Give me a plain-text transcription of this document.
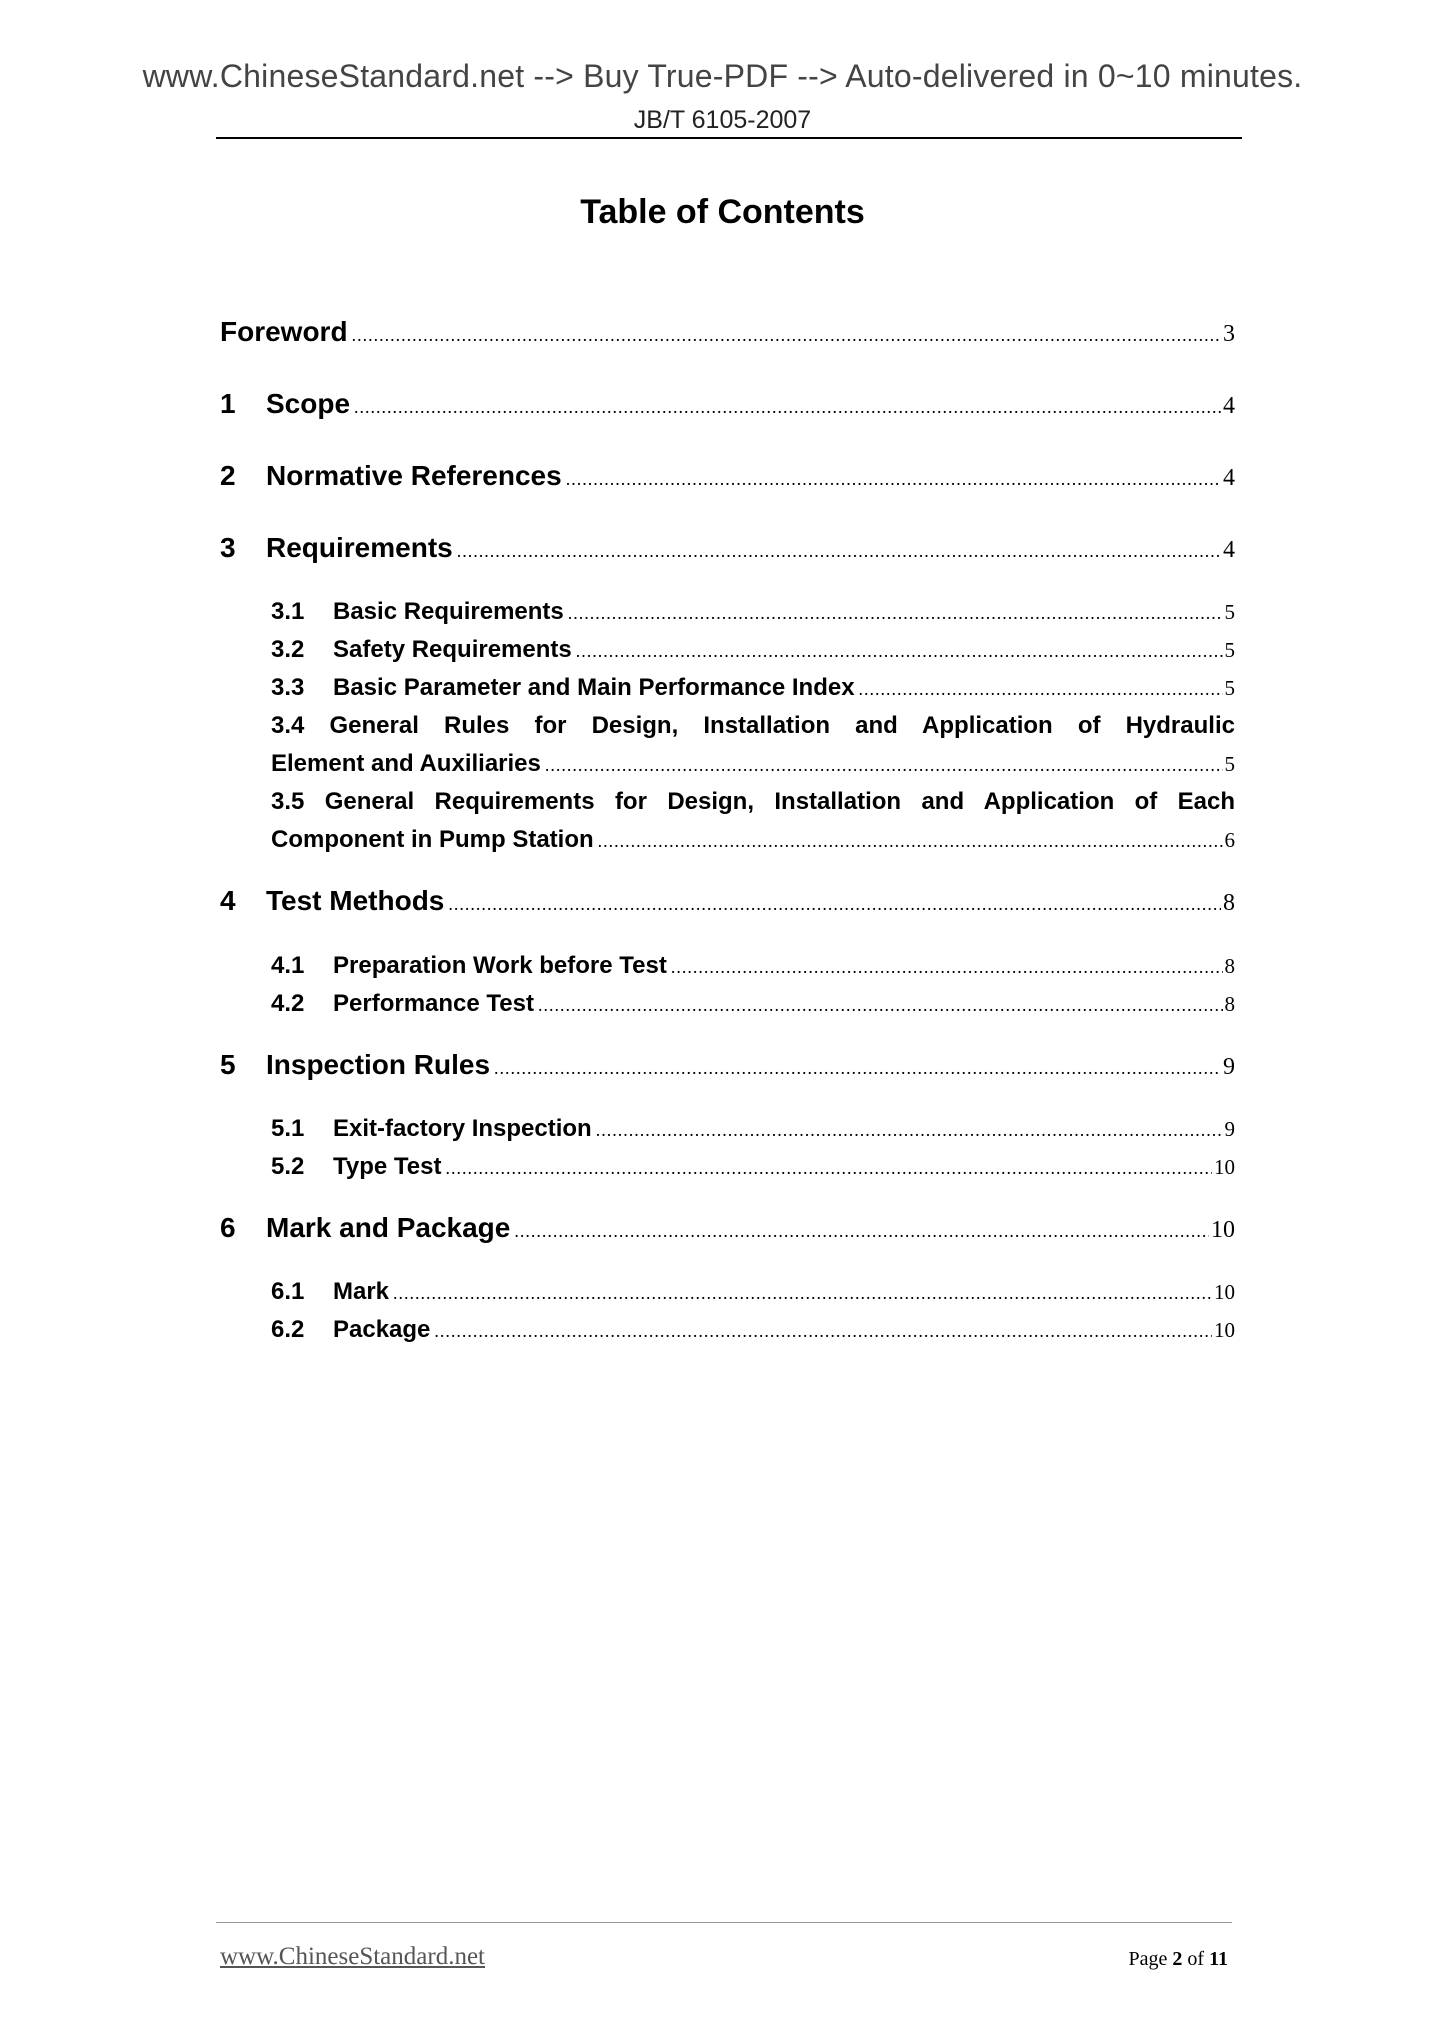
www.ChineseStandard.net --> Buy True-PDF --> Auto-delivered in 0~10 minutes.
JB/T 6105-2007
Table of Contents
Foreword .....	3
1	Scope .....	4
2	Normative References .....	4
3	Requirements .....	4
3.1	Basic Requirements .....	5
3.2	Safety Requirements .....	5
3.3	Basic Parameter and Main Performance Index .....	5
3.4 General Rules for Design, Installation and Application of Hydraulic
Element and Auxiliaries .....	5
3.5 General Requirements for Design, Installation and Application of Each
Component in Pump Station .....	6
4	Test Methods .....	8
4.1	Preparation Work before Test .....	8
4.2	Performance Test .....	8
5	Inspection Rules .....	9
5.1	Exit-factory Inspection .....	9
5.2	Type Test .....	10
6	Mark and Package .....	10
6.1	Mark .....	10
6.2	Package .....	10
www.ChineseStandard.net	Page 2 of 11
